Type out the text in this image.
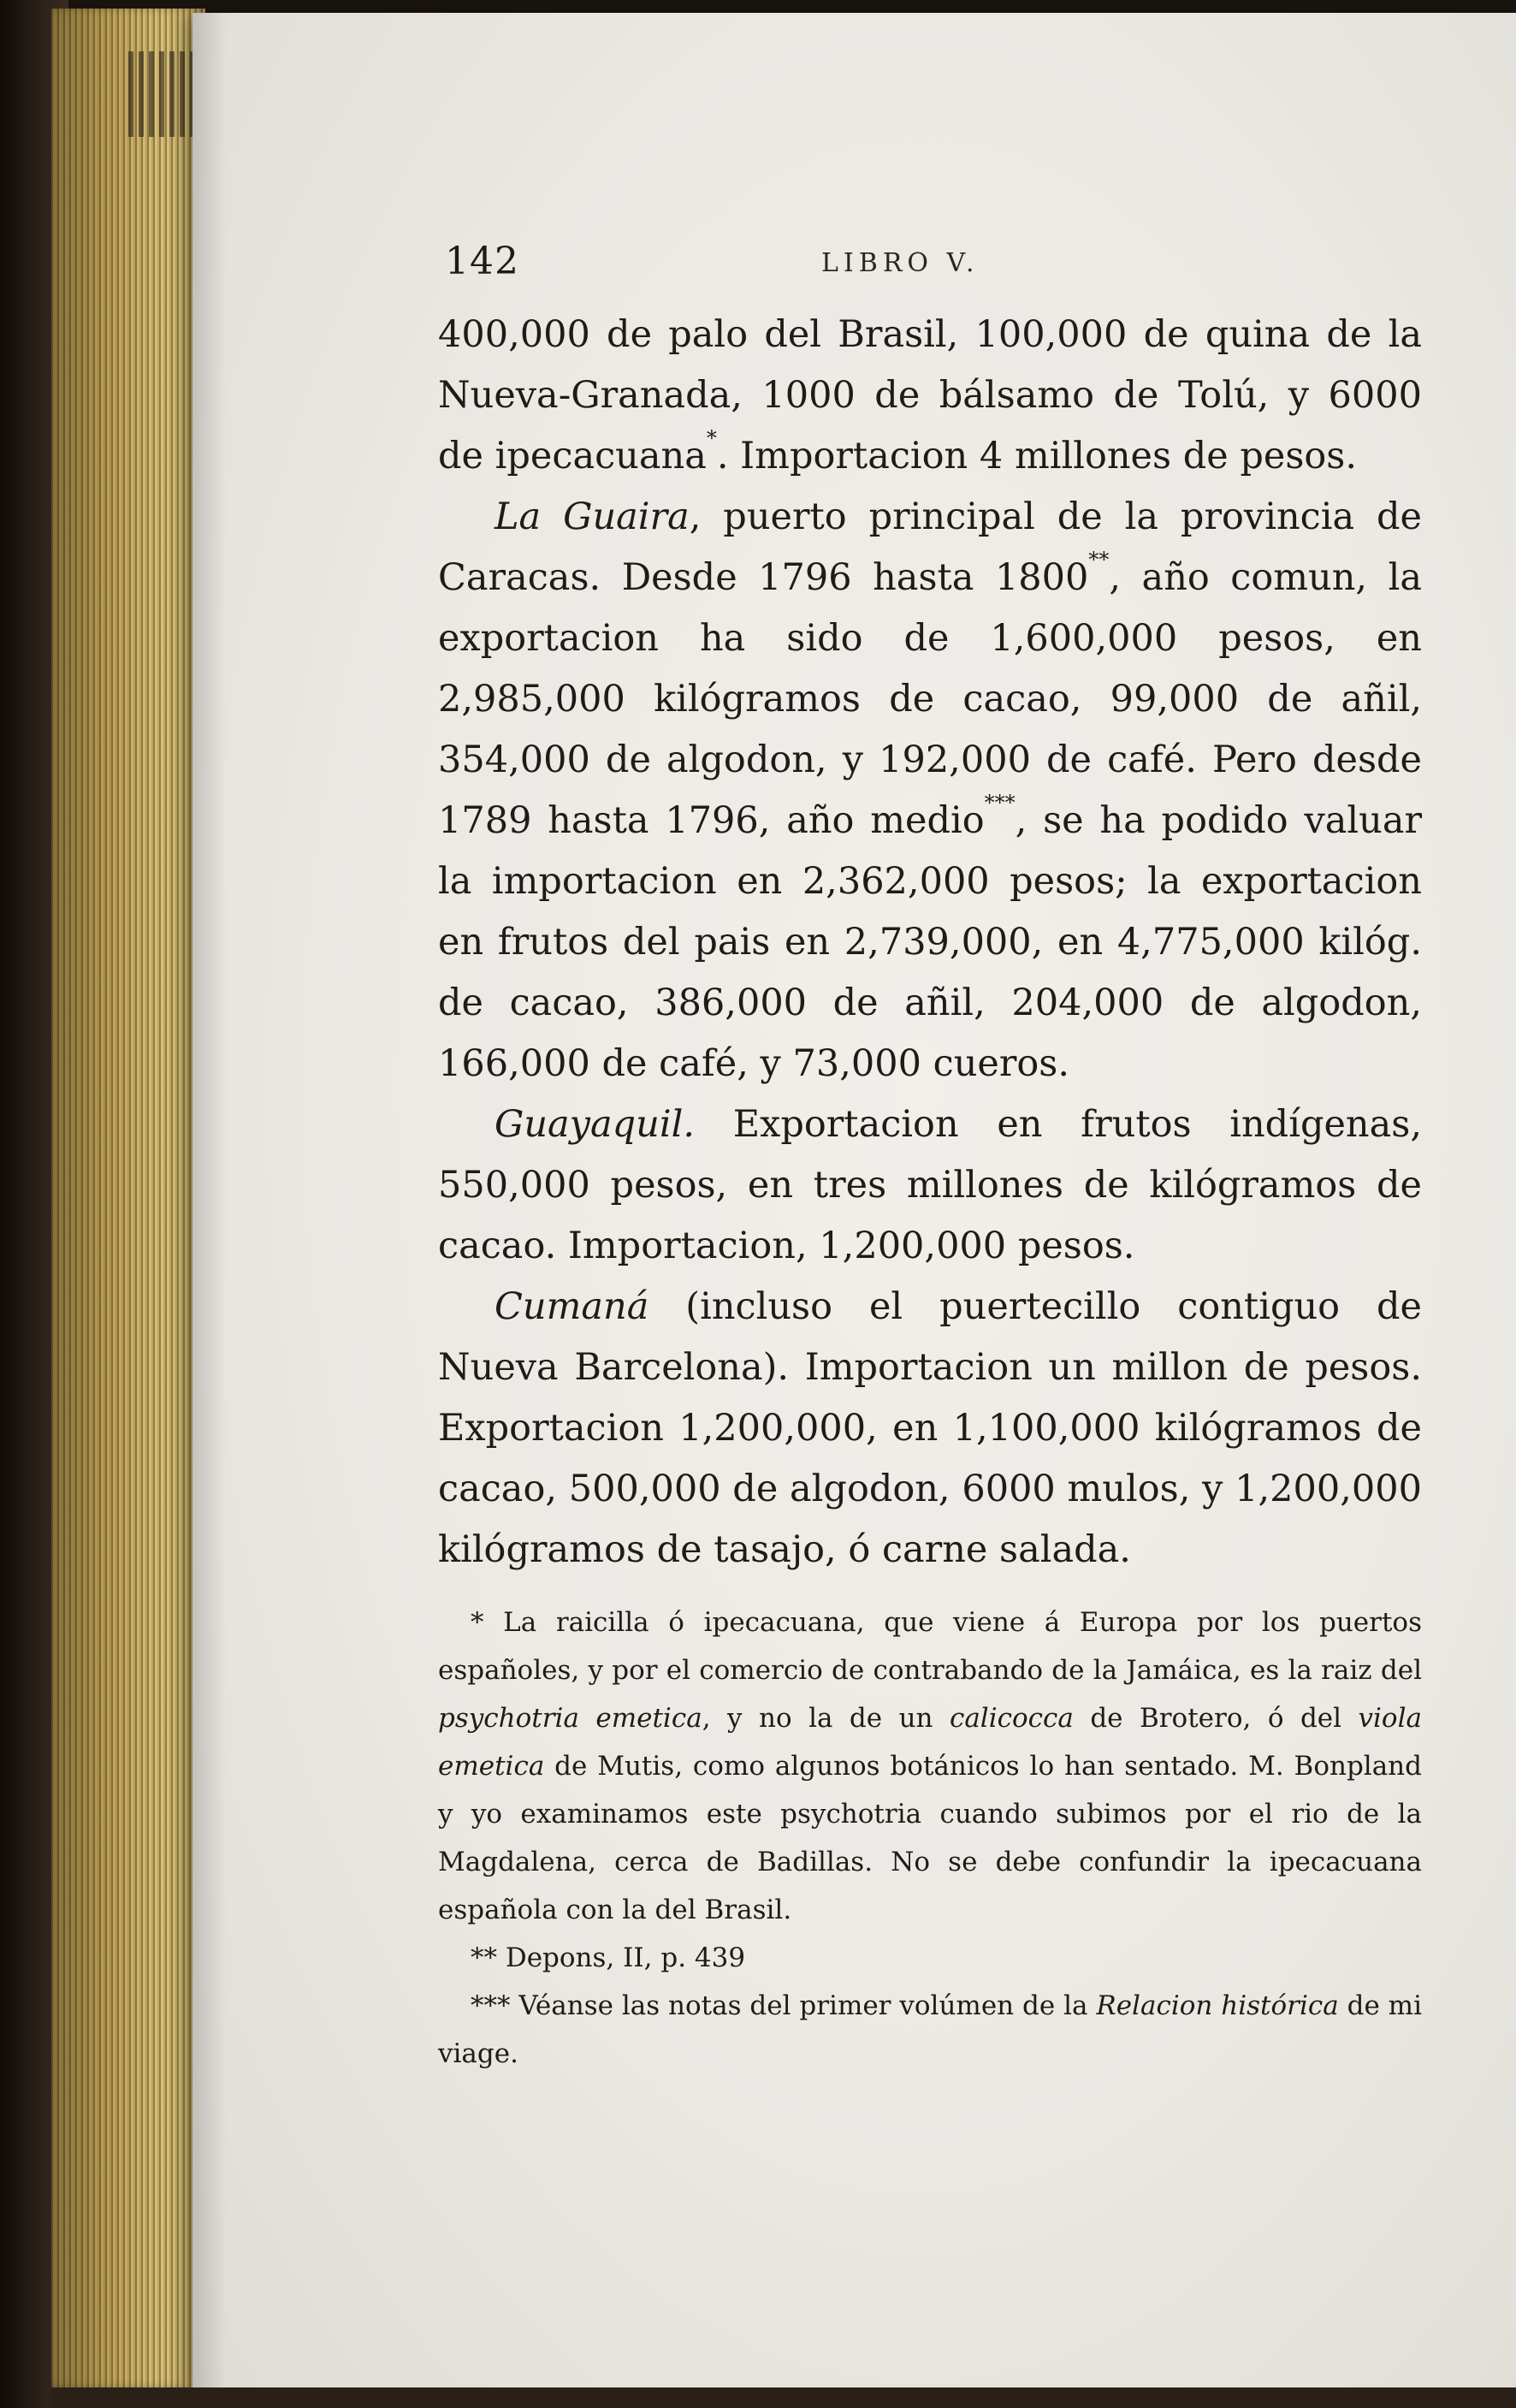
142	LIBRO V.

400,000 de palo del Brasil, 100,000 de quina de la Nueva-Granada, 1000 de bálsamo de Tolú, y 6000 de ipecacuana*. Importacion 4 millones de pesos.

La Guaira, puerto principal de la provincia de Caracas. Desde 1796 hasta 1800**, año comun, la exportacion ha sido de 1,600,000 pesos, en 2,985,000 kilógramos de cacao, 99,000 de añil, 354,000 de algodon, y 192,000 de café. Pero desde 1789 hasta 1796, año medio***, se ha podido valuar la importacion en 2,362,000 pesos; la exportacion en frutos del pais en 2,739,000, en 4,775,000 kilóg. de cacao, 386,000 de añil, 204,000 de algodon, 166,000 de café, y 73,000 cueros.

Guayaquil. Exportacion en frutos indígenas, 550,000 pesos, en tres millones de kilógramos de cacao. Importacion, 1,200,000 pesos.

Cumaná (incluso el puertecillo contiguo de Nueva Barcelona). Importacion un millon de pesos. Exportacion 1,200,000, en 1,100,000 kilógramos de cacao, 500,000 de algodon, 6000 mulos, y 1,200,000 kilógramos de tasajo, ó carne salada.

* La raicilla ó ipecacuana, que viene á Europa por los puertos españoles, y por el comercio de contrabando de la Jamáica, es la raiz del psychotria emetica, y no la de un calicocca de Brotero, ó del viola emetica de Mutis, como algunos botánicos lo han sentado. M. Bonpland y yo examinamos este psychotria cuando subimos por el rio de la Magdalena, cerca de Badillas. No se debe confundir la ipecacuana española con la del Brasil.

** Depons, II, p. 439

*** Véanse las notas del primer volúmen de la Relacion histórica de mi viage.
